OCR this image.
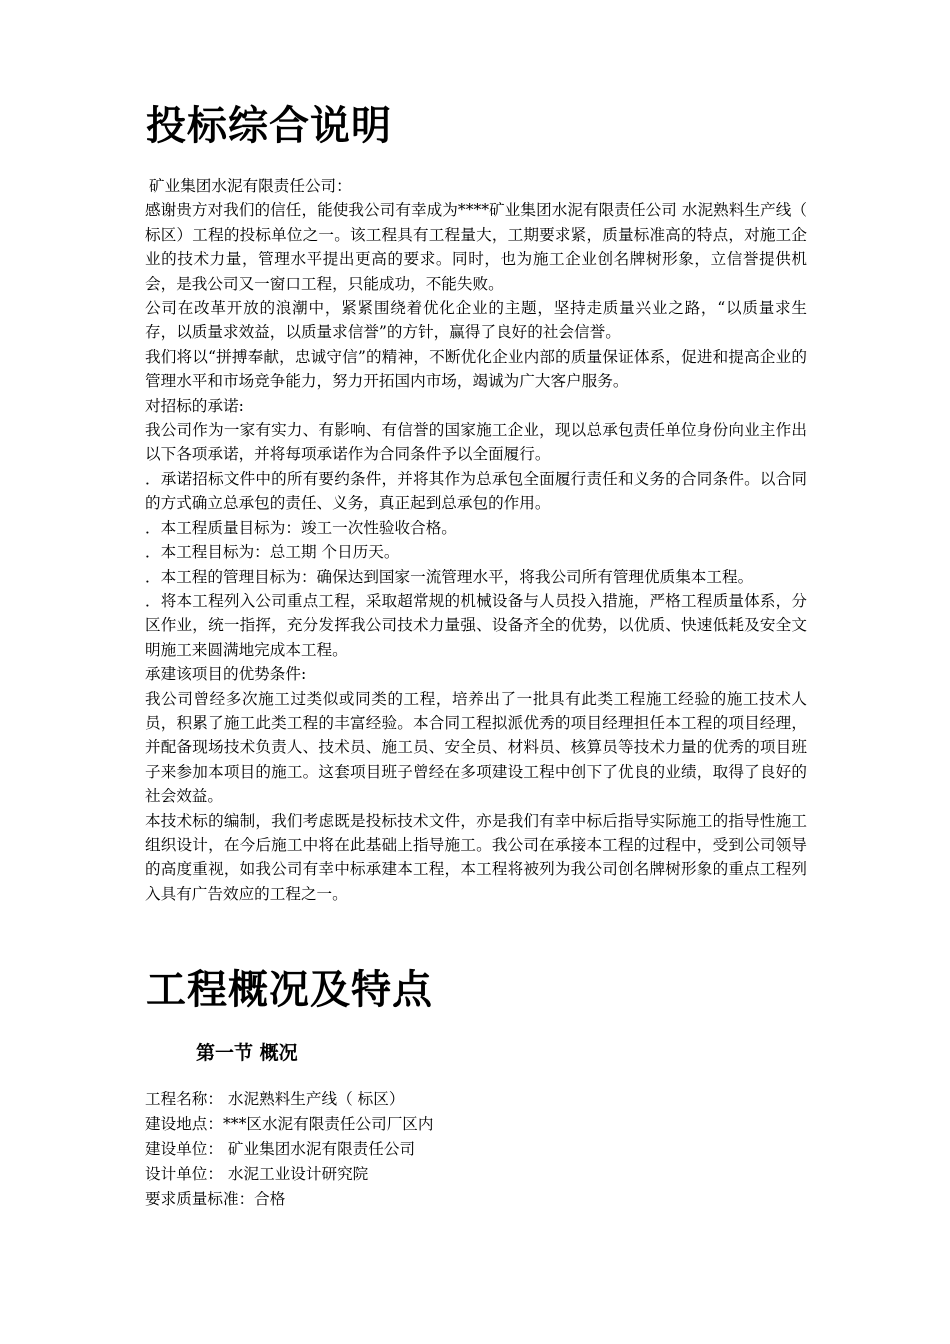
投标综合说明

矿业集团水泥有限责任公司：

感谢贵方对我们的信任，能使我公司有幸成为****矿业集团水泥有限责任公司 水泥熟料生产线（ 标区）工程的投标单位之一。该工程具有工程量大，工期要求紧，质量标准高的特点，对施工企业的技术力量，管理水平提出更高的要求。同时，也为施工企业创名牌树形象，立信誉提供机会，是我公司又一窗口工程，只能成功，不能失败。

公司在改革开放的浪潮中，紧紧围绕着优化企业的主题，坚持走质量兴业之路，“以质量求生存，以质量求效益，以质量求信誉”的方针，赢得了良好的社会信誉。

我们将以“拼搏奉献，忠诚守信”的精神，不断优化企业内部的质量保证体系，促进和提高企业的管理水平和市场竞争能力，努力开拓国内市场，竭诚为广大客户服务。

对招标的承诺:

我公司作为一家有实力、有影响、有信誉的国家施工企业，现以总承包责任单位身份向业主作出以下各项承诺，并将每项承诺作为合同条件予以全面履行。

．承诺招标文件中的所有要约条件，并将其作为总承包全面履行责任和义务的合同条件。以合同的方式确立总承包的责任、义务，真正起到总承包的作用。

．本工程质量目标为：竣工一次性验收合格。

．本工程目标为：总工期 个日历天。

．本工程的管理目标为：确保达到国家一流管理水平，将我公司所有管理优质集本工程。

．将本工程列入公司重点工程，采取超常规的机械设备与人员投入措施，严格工程质量体系，分区作业，统一指挥，充分发挥我公司技术力量强、设备齐全的优势，以优质、快速低耗及安全文明施工来圆满地完成本工程。

承建该项目的优势条件:

我公司曾经多次施工过类似或同类的工程，培养出了一批具有此类工程施工经验的施工技术人员，积累了施工此类工程的丰富经验。本合同工程拟派优秀的项目经理担任本工程的项目经理，并配备现场技术负责人、技术员、施工员、安全员、材料员、核算员等技术力量的优秀的项目班子来参加本项目的施工。这套项目班子曾经在多项建设工程中创下了优良的业绩，取得了良好的社会效益。

本技术标的编制，我们考虑既是投标技术文件，亦是我们有幸中标后指导实际施工的指导性施工组织设计，在今后施工中将在此基础上指导施工。我公司在承接本工程的过程中，受到公司领导的高度重视，如我公司有幸中标承建本工程，本工程将被列为我公司创名牌树形象的重点工程列入具有广告效应的工程之一。

工程概况及特点
第一节 概况

工程名称： 水泥熟料生产线（ 标区）

建设地点：***区水泥有限责任公司厂区内

建设单位： 矿业集团水泥有限责任公司

设计单位： 水泥工业设计研究院

要求质量标准：合格
